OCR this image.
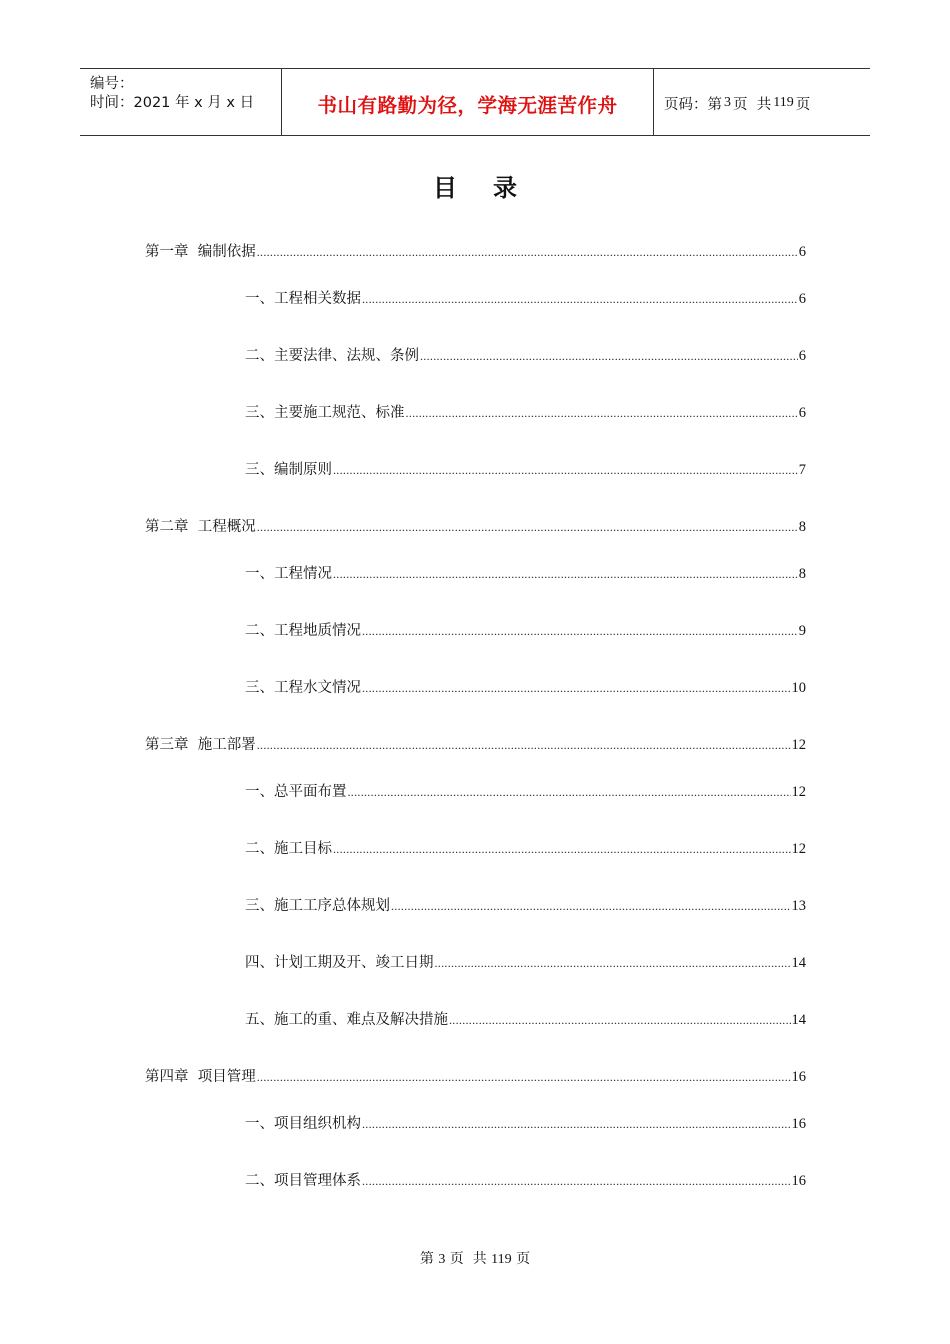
编号：
时间：2021 年 x 月 x 日	书山有路勤为径，学海无涯苦作舟	页码：第 3 页  共 119 页
目录
第一章  编制依据 .....	6
一、工程相关数据 .....	6
二、主要法律、法规、条例 .....	6
三、主要施工规范、标准 .....	6
三、编制原则 .....	7
第二章  工程概况 .....	8
一、工程情况 .....	8
二、工程地质情况 .....	9
三、工程水文情况 .....	10
第三章  施工部署 .....	12
一、总平面布置 .....	12
二、施工目标 .....	12
三、施工工序总体规划 .....	13
四、计划工期及开、竣工日期 .....	14
五、施工的重、难点及解决措施 .....	14
第四章  项目管理 .....	16
一、项目组织机构 .....	16
二、项目管理体系 .....	16
第 3 页  共 119 页
